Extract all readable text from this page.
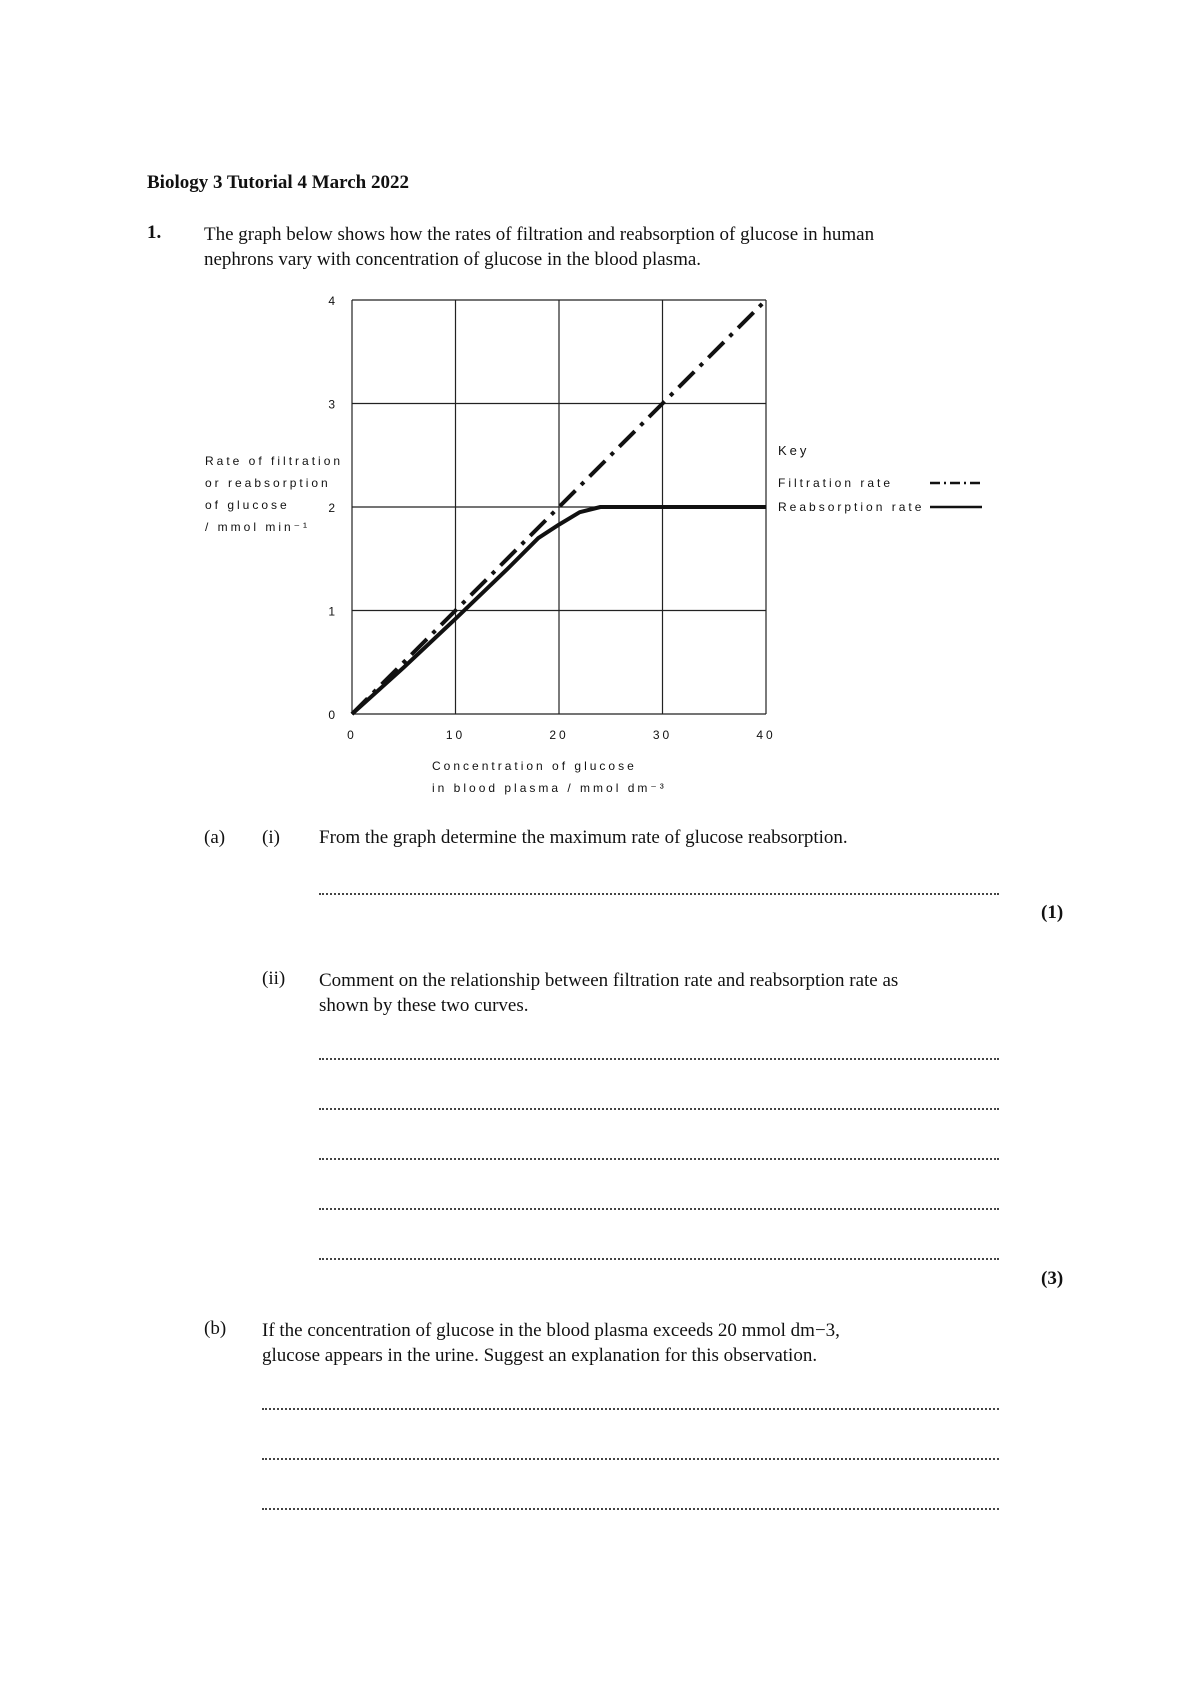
Biology 3 Tutorial 4 March 2022
1. The graph below shows how the rates of filtration and reabsorption of glucose in human
nephrons vary with concentration of glucose in the blood plasma.
0	10	20	30	40
0
1
2
3
4
Rate of filtration
or reabsorption
of glucose
/ mmol min⁻¹
Concentration of glucose
in blood plasma / mmol dm⁻³
Key
Filtration rate
Reabsorption rate
(a) (i) From the graph determine the maximum rate of glucose reabsorption.
(1)
(ii) Comment on the relationship between filtration rate and reabsorption rate as
shown by these two curves.
(3)
(b) If the concentration of glucose in the blood plasma exceeds 20 mmol dm−3,
glucose appears in the urine. Suggest an explanation for this observation.
